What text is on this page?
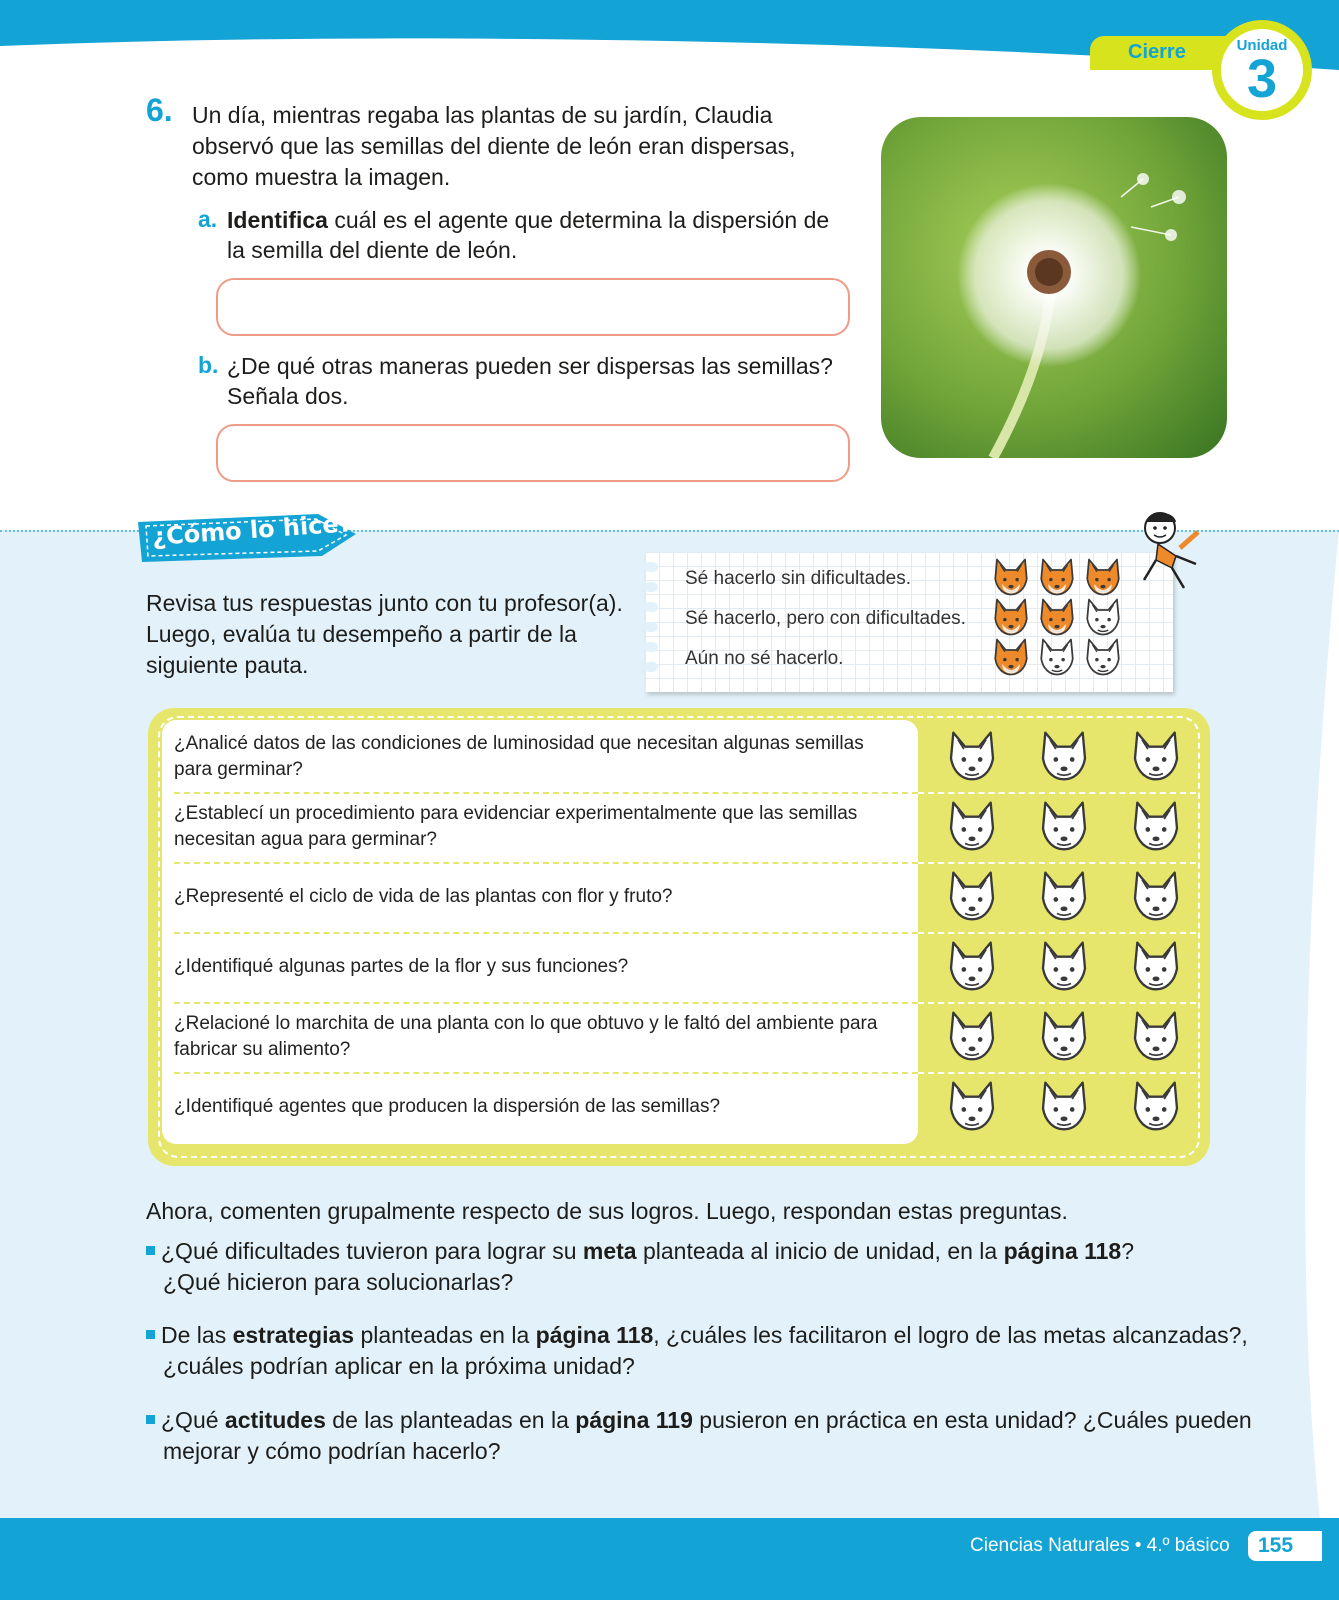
Cierre	Unidad
3
6. Un día, mientras regaba las plantas de su jardín, Claudia observó que las semillas del diente de león eran dispersas, como muestra la imagen.
a. Identifica cuál es el agente que determina la dispersión de la semilla del diente de león.
b. ¿De qué otras maneras pueden ser dispersas las semillas? Señala dos.
¿Cómo lo hice?
Revisa tus respuestas junto con tu profesor(a). Luego, evalúa tu desempeño a partir de la siguiente pauta.
Sé hacerlo sin dificultades.
Sé hacerlo, pero con dificultades.
Aún no sé hacerlo.
¿Analicé datos de las condiciones de luminosidad que necesitan algunas semillas para germinar?
¿Establecí un procedimiento para evidenciar experimentalmente que las semillas necesitan agua para germinar?
¿Representé el ciclo de vida de las plantas con flor y fruto?
¿Identifiqué algunas partes de la flor y sus funciones?
¿Relacioné lo marchita de una planta con lo que obtuvo y le faltó del ambiente para fabricar su alimento?
¿Identifiqué agentes que producen la dispersión de las semillas?
Ahora, comenten grupalmente respecto de sus logros. Luego, respondan estas preguntas.
¿Qué dificultades tuvieron para lograr su meta planteada al inicio de unidad, en la página 118?
¿Qué hicieron para solucionarlas?
De las estrategias planteadas en la página 118, ¿cuáles les facilitaron el logro de las metas alcanzadas?,
¿cuáles podrían aplicar en la próxima unidad?
¿Qué actitudes de las planteadas en la página 119 pusieron en práctica en esta unidad? ¿Cuáles pueden
mejorar y cómo podrían hacerlo?
Ciencias Naturales • 4.º básico	155
